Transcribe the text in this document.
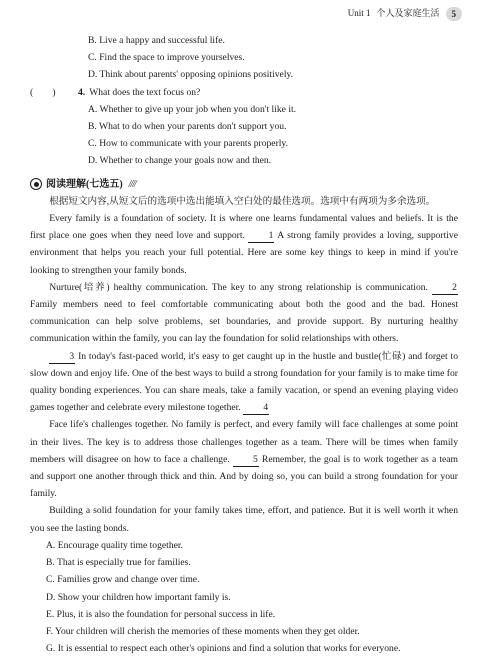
Unit 1 个人及家庭生活	5
B. Live a happy and successful life.
C. Find the space to improve yourselves.
D. Think about parents' opposing opinions positively.
(　　)	4. What does the text focus on?
A. Whether to give up your job when you don't like it.
B. What to do when your parents don't support you.
C. How to communicate with your parents properly.
D. Whether to change your goals now and then.
阅读理解(七选五) ////

根据短文内容,从短文后的选项中选出能填入空白处的最佳选项。选项中有两项为多余选项。

Every family is a foundation of society. It is where one learns fundamental values and beliefs. It is the first place one goes when they need love and support. 1 A strong family provides a loving, supportive environment that helps you reach your full potential. Here are some key things to keep in mind if you're looking to strengthen your family bonds.

Nurture(培养) healthy communication. The key to any strong relationship is communication.	2 Family members need to feel comfortable communicating about both the good and the bad. Honest communication can help solve problems, set boundaries, and provide support. By nurturing healthy communication within the family, you can lay the foundation for solid relationships with others.

3 In today's fast-paced world, it's easy to get caught up in the hustle and bustle(忙碌) and forget to slow down and enjoy life. One of the best ways to build a strong foundation for your family is to make time for quality bonding experiences. You can share meals, take a family vacation, or spend an evening playing video games together and celebrate every milestone together. 4

Face life's challenges together. No family is perfect, and every family will face challenges at some point in their lives. The key is to address those challenges together as a team. There will be times when family members will disagree on how to face a challenge. 5 Remember, the goal is to work together as a team and support one another through thick and thin. And by doing so, you can build a strong foundation for your family.

Building a solid foundation for your family takes time, effort, and patience. But it is well worth it when you see the lasting bonds.

A. Encourage quality time together.
B. That is especially true for families.
C. Families grow and change over time.
D. Show your children how important family is.
E. Plus, it is also the foundation for personal success in life.
F. Your children will cherish the memories of these moments when they get older.
G. It is essential to respect each other's opinions and find a solution that works for everyone.
